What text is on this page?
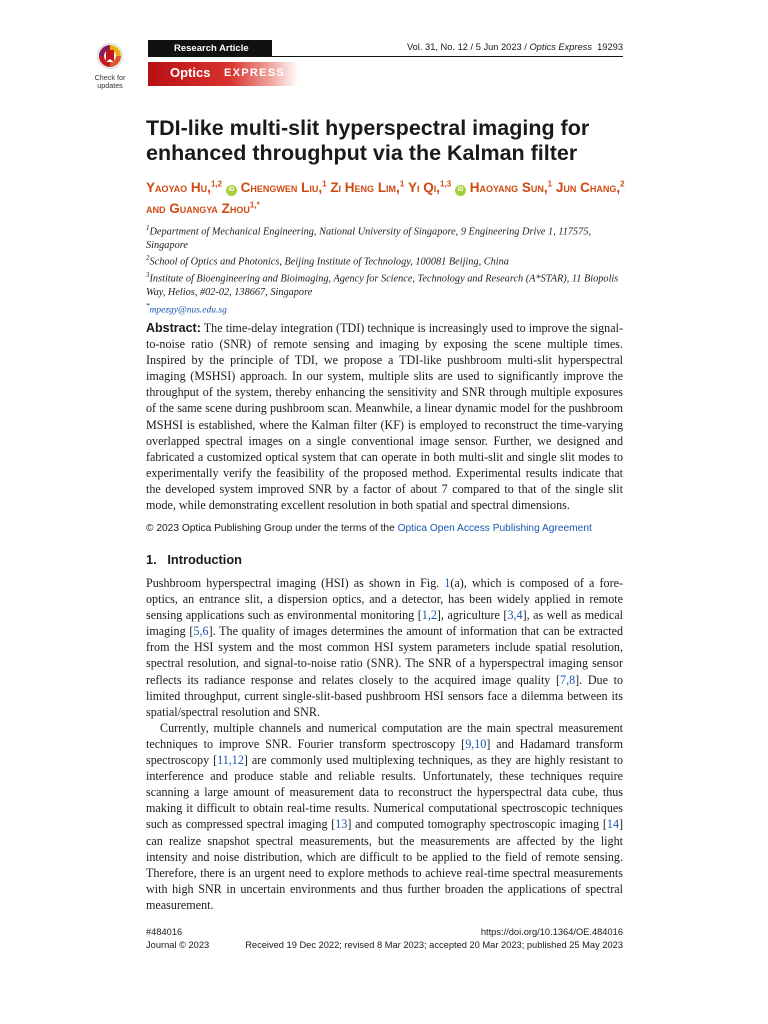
Check for
updates
Research Article	Vol. 31, No. 12 / 5 Jun 2023 / Optics Express 19293
Optics EXPRESS
TDI-like multi-slit hyperspectral imaging for enhanced throughput via the Kalman filter
Yaoyao Hu,$^{1,2}$ iD Chengwen Liu,$^1$ Zi Heng Lim,$^1$ Yi Qi,$^{1,3}$ iD Haoyang Sun,$^1$ Jun Chang,$^2$ and Guangya Zhou$^{1,*}$
$^1$Department of Mechanical Engineering, National University of Singapore, 9 Engineering Drive 1, 117575, Singapore
$^2$School of Optics and Photonics, Beijing Institute of Technology, 100081 Beijing, China
$^3$Institute of Bioengineering and Bioimaging, Agency for Science, Technology and Research (A*STAR), 11 Biopolis Way, Helios, #02-02, 138667, Singapore
*mpezgy@nus.edu.sg
Abstract: The time-delay integration (TDI) technique is increasingly used to improve the signal-to-noise ratio (SNR) of remote sensing and imaging by exposing the scene multiple times. Inspired by the principle of TDI, we propose a TDI-like pushbroom multi-slit hyperspectral imaging (MSHSI) approach. In our system, multiple slits are used to significantly improve the throughput of the system, thereby enhancing the sensitivity and SNR through multiple exposures of the same scene during pushbroom scan. Meanwhile, a linear dynamic model for the pushbroom MSHSI is established, where the Kalman filter (KF) is employed to reconstruct the time-varying overlapped spectral images on a single conventional image sensor. Further, we designed and fabricated a customized optical system that can operate in both multi-slit and single slit modes to experimentally verify the feasibility of the proposed method. Experimental results indicate that the developed system improved SNR by a factor of about 7 compared to that of the single slit mode, while demonstrating excellent resolution in both spatial and spectral dimensions.
© 2023 Optica Publishing Group under the terms of the Optica Open Access Publishing Agreement
1. Introduction

Pushbroom hyperspectral imaging (HSI) as shown in Fig. 1(a), which is composed of a fore-optics, an entrance slit, a dispersion optics, and a detector, has been widely applied in remote sensing applications such as environmental monitoring [1,2], agriculture [3,4], as well as medical imaging [5,6]. The quality of images determines the amount of information that can be extracted from the HSI system and the most common HSI system parameters include spatial resolution, spectral resolution, and signal-to-noise ratio (SNR). The SNR of a hyperspectral imaging sensor reflects its radiance response and relates closely to the acquired image quality [7,8]. Due to limited throughput, current single-slit-based pushbroom HSI sensors face a dilemma between its spatial/spectral resolution and SNR.

Currently, multiple channels and numerical computation are the main spectral measurement techniques to improve SNR. Fourier transform spectroscopy [9,10] and Hadamard transform spectroscopy [11,12] are commonly used multiplexing techniques, as they are highly resistant to interference and produce stable and reliable results. Unfortunately, these techniques require scanning a large amount of measurement data to reconstruct the hyperspectral data cube, thus making it difficult to obtain real-time results. Numerical computational spectroscopic techniques such as compressed spectral imaging [13] and computed tomography spectroscopic imaging [14] can realize snapshot spectral measurements, but the measurements are affected by the light intensity and noise distribution, which are difficult to be applied to the field of remote sensing. Therefore, there is an urgent need to explore methods to achieve real-time spectral measurements with high SNR in uncertain environments and thus further broaden the applications of spectral measurement.

#484016	https://doi.org/10.1364/OE.484016
Journal © 2023	Received 19 Dec 2022; revised 8 Mar 2023; accepted 20 Mar 2023; published 25 May 2023
